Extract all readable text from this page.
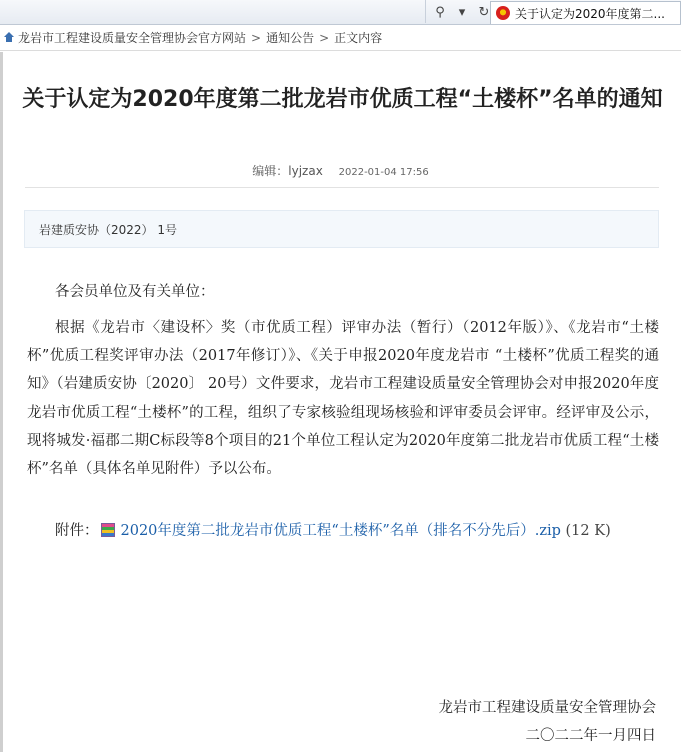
⚲	▾	↻ 关于认定为2020年度第二...
龙岩市工程建设质量安全管理协会官方网站 > 通知公告 > 正文内容
关于认定为2020年度第二批龙岩市优质工程“土楼杯”名单的通知
编辑：lyjzax 2022-01-04 17:56
岩建质安协（2022） 1号
各会员单位及有关单位：
根据《龙岩市〈建设杯〉奖（市优质工程）评审办法（暂行）（2012年版）》、《龙岩市“土楼杯”优质工程奖评审办法（2017年修订）》、《关于申报2020年度龙岩市 “土楼杯”优质工程奖的通知》（岩建质安协〔2020〕 20号）文件要求，龙岩市工程建设质量安全管理协会对申报2020年度龙岩市优质工程“土楼杯”的工程，组织了专家核验组现场核验和评审委员会评审。经评审及公示，现将城发·福郡二期C标段等8个项目的21个单位工程认定为2020年度第二批龙岩市优质工程“土楼杯”名单（具体名单见附件）予以公布。
附件： 2020年度第二批龙岩市优质工程“土楼杯”名单（排名不分先后）.zip (12 K)
龙岩市工程建设质量安全管理协会
二〇二二年一月四日
